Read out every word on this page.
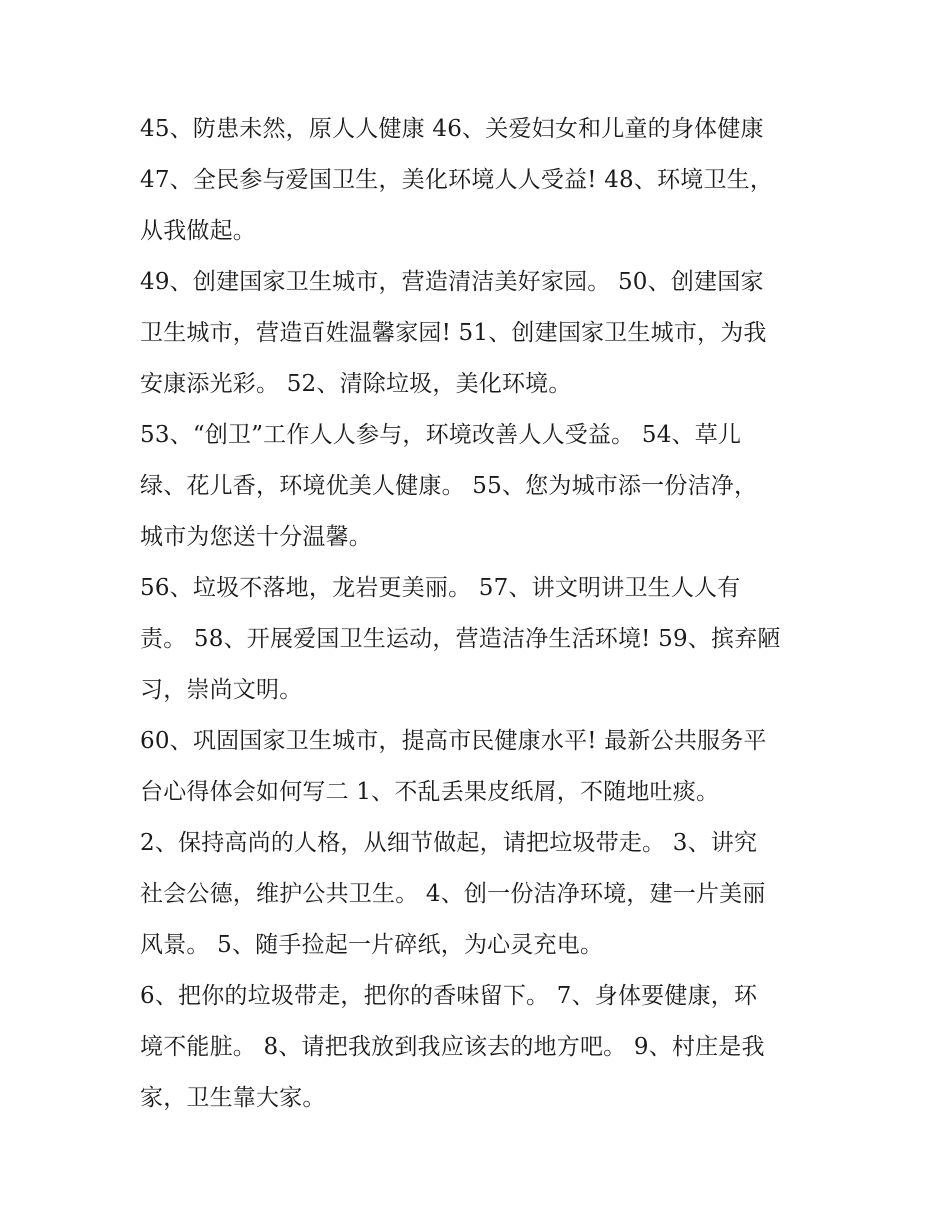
45、防患未然，原人人健康 46、关爱妇女和儿童的身体健康
47、全民参与爱国卫生，美化环境人人受益! 48、环境卫生，
从我做起。
49、创建国家卫生城市，营造清洁美好家园。 50、创建国家
卫生城市，营造百姓温馨家园! 51、创建国家卫生城市，为我
安康添光彩。 52、清除垃圾，美化环境。
53、“创卫”工作人人参与，环境改善人人受益。 54、草儿
绿、花儿香，环境优美人健康。 55、您为城市添一份洁净，
城市为您送十分温馨。
56、垃圾不落地，龙岩更美丽。 57、讲文明讲卫生人人有
责。 58、开展爱国卫生运动，营造洁净生活环境! 59、摈弃陋
习，崇尚文明。
60、巩固国家卫生城市，提高市民健康水平! 最新公共服务平
台心得体会如何写二 1、不乱丢果皮纸屑，不随地吐痰。
2、保持高尚的人格，从细节做起，请把垃圾带走。 3、讲究
社会公德，维护公共卫生。 4、创一份洁净环境，建一片美丽
风景。 5、随手捡起一片碎纸，为心灵充电。
6、把你的垃圾带走，把你的香味留下。 7、身体要健康，环
境不能脏。 8、请把我放到我应该去的地方吧。 9、村庄是我
家，卫生靠大家。
